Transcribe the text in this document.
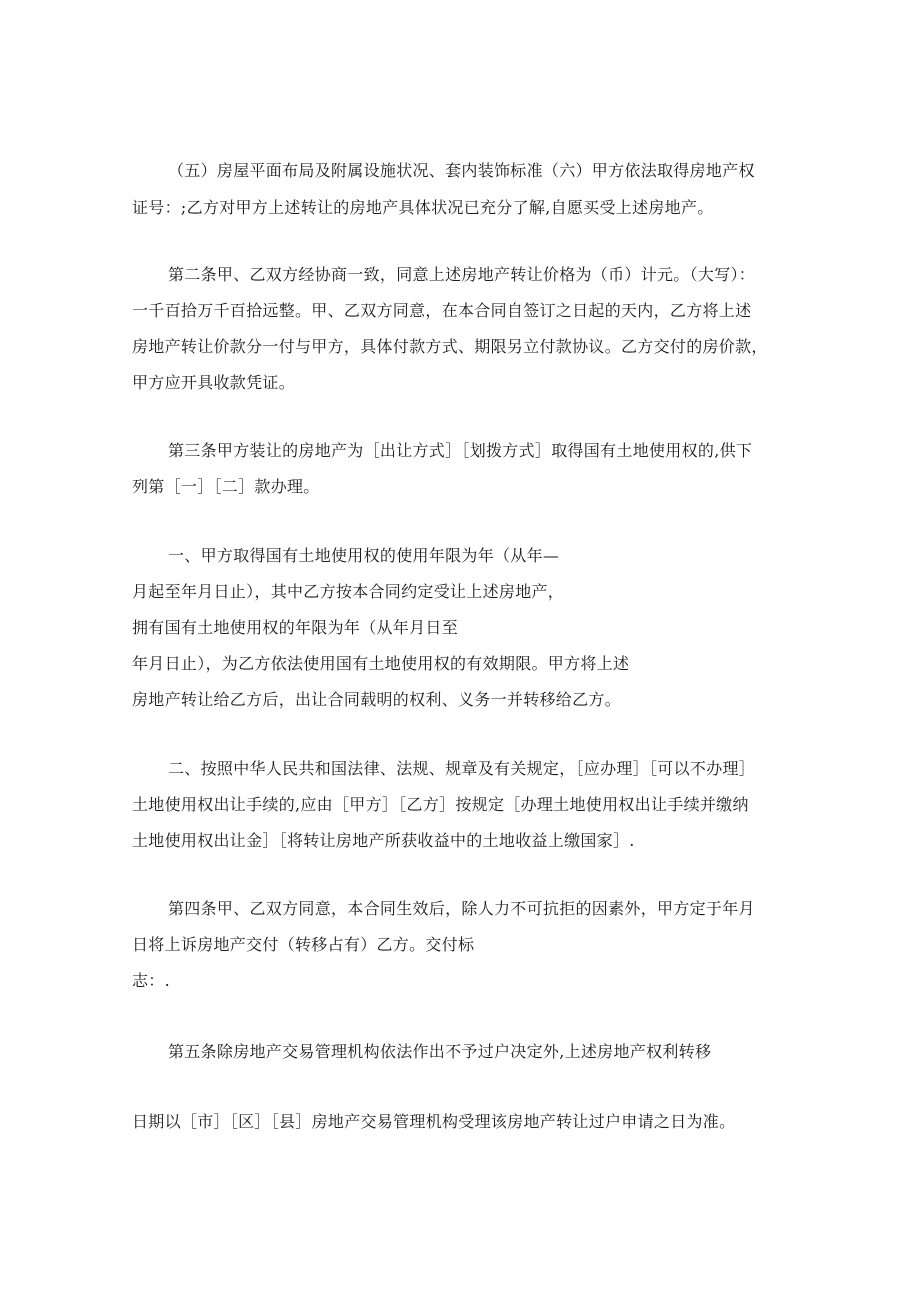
（五）房屋平面布局及附属设施状况、套内装饰标准（六）甲方依法取得房地产权
证号：;乙方对甲方上述转让的房地产具体状况已充分了解,自愿买受上述房地产。
第二条甲、乙双方经协商一致，同意上述房地产转让价格为（币）计元。（大写）：
一千百拾万千百拾远整。甲、乙双方同意，在本合同自签订之日起的天内，乙方将上述
房地产转让价款分一付与甲方，具体付款方式、期限另立付款协议。乙方交付的房价款，
甲方应开具收款凭证。
第三条甲方装让的房地产为［出让方式］［划拨方式］取得国有土地使用权的,供下
列第［一］［二］款办理。
一、甲方取得国有土地使用权的使用年限为年（从年—
月起至年月日止），其中乙方按本合同约定受让上述房地产，
拥有国有土地使用权的年限为年（从年月日至
年月日止），为乙方依法使用国有土地使用权的有效期限。甲方将上述
房地产转让给乙方后，出让合同载明的权利、义务一并转移给乙方。
二、按照中华人民共和国法律、法规、规章及有关规定，［应办理］［可以不办理］
土地使用权出让手续的,应由［甲方］［乙方］按规定［办理土地使用权出让手续并缴纳
土地使用权出让金］［将转让房地产所获收益中的土地收益上缴国家］.
第四条甲、乙双方同意，本合同生效后，除人力不可抗拒的因素外，甲方定于年月
日将上诉房地产交付（转移占有）乙方。交付标
志：.
第五条除房地产交易管理机构依法作出不予过户决定外,上述房地产权利转移
日期以［市］［区］［县］房地产交易管理机构受理该房地产转让过户申请之日为准。
